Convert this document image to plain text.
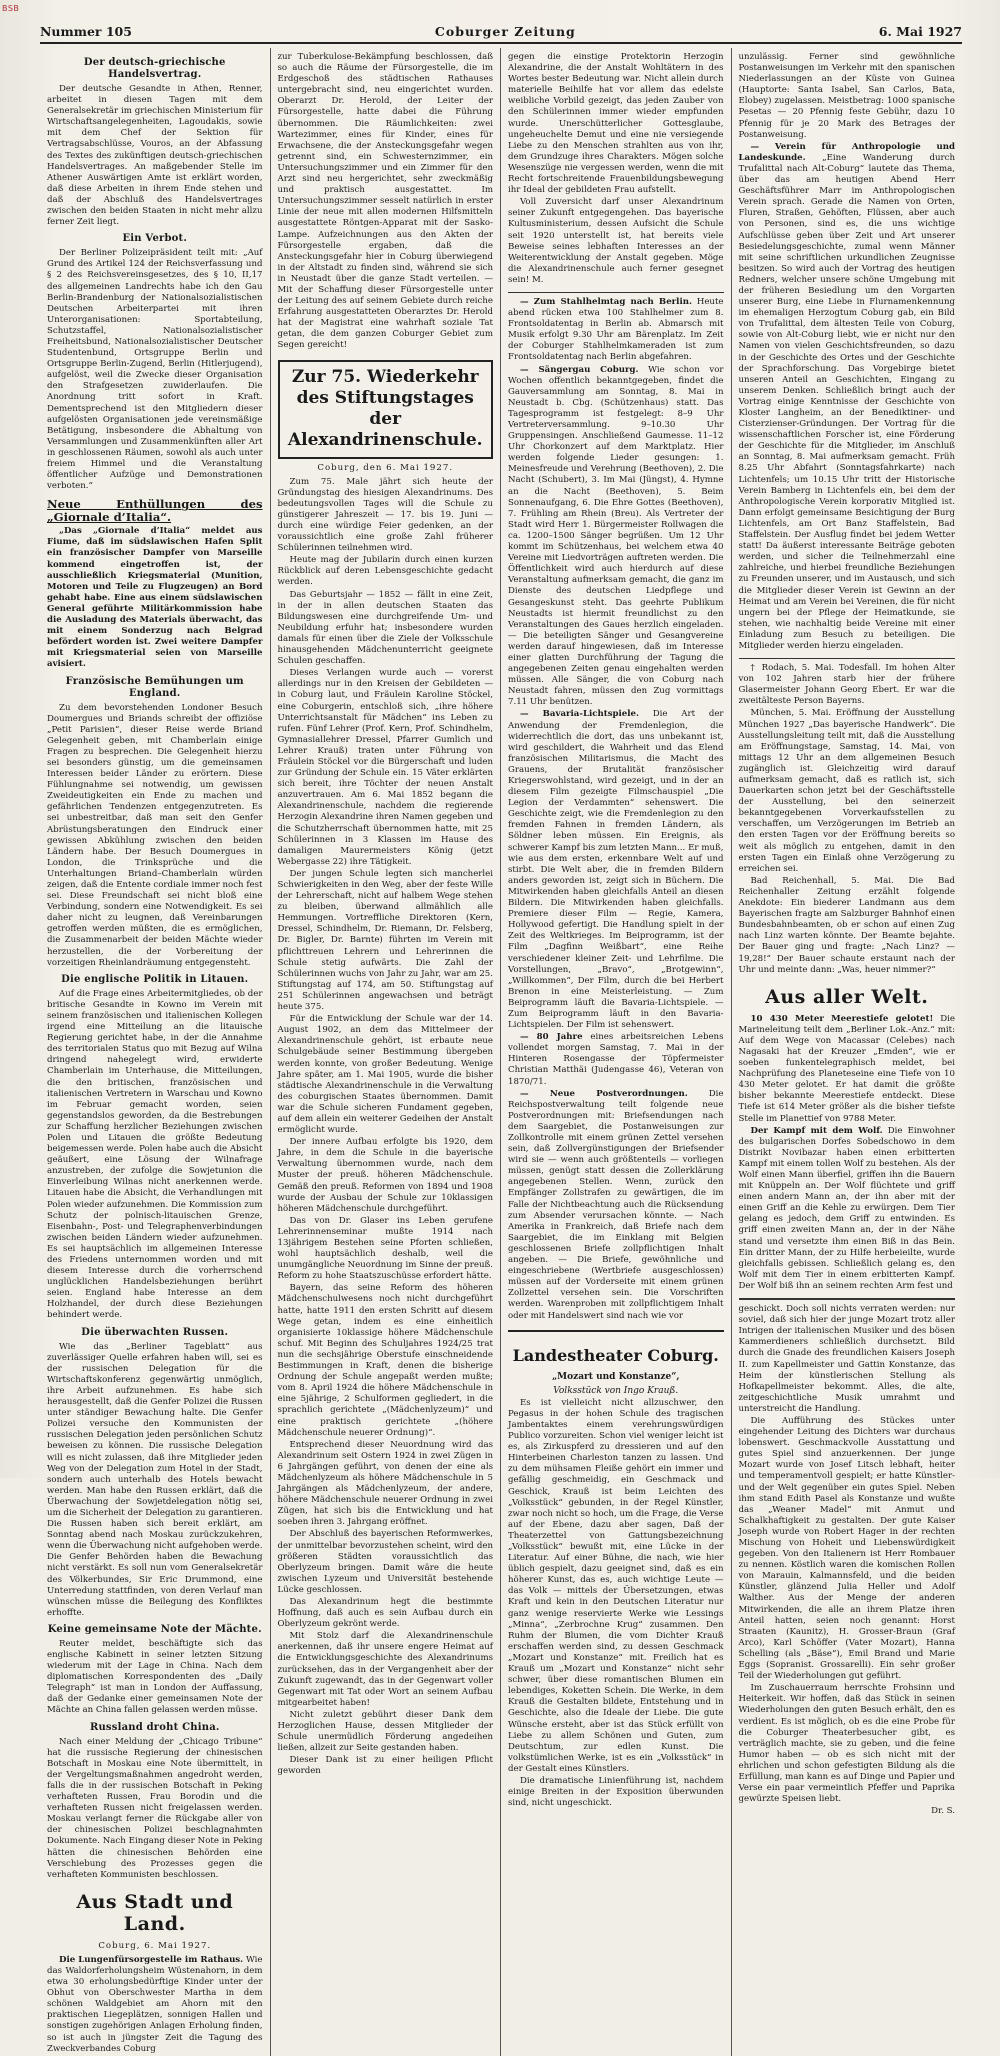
BSB
Nummer 105	Coburger Zeitung	6. Mai 1927
Der deutsch-griechische Handelsvertrag.

Der deutsche Gesandte in Athen, Renner, arbeitet in diesen Tagen mit dem Generalsekretär im griechischen Ministerium für Wirtschaftsangelegenheiten, Lagoudakis, sowie mit dem Chef der Sektion für Vertragsabschlüsse, Vouros, an der Abfassung des Textes des zukünftigen deutsch-griechischen Handelsvertrages. An maßgebender Stelle im Athener Auswärtigen Amte ist erklärt worden, daß diese Arbeiten in ihrem Ende stehen und daß der Abschluß des Handelsvertrages zwischen den beiden Staaten in nicht mehr allzu ferner Zeit liegt.

Ein Verbot.

Der Berliner Polizeipräsident teilt mit: „Auf Grund des Artikel 124 der Reichsverfassung und § 2 des Reichsvereinsgesetzes, des § 10, II,17 des allgemeinen Landrechts habe ich den Gau Berlin-Brandenburg der Nationalsozialistischen Deutschen Arbeiterpartei mit ihren Unterorganisationen: Sportabteilung, Schutzstaffel, Nationalsozialistischer Freiheitsbund, Nationalsozialistischer Deutscher Studentenbund, Ortsgruppe Berlin und Ortsgruppe Berlin-Zugend, Berlin (Hitlerjugend), aufgelöst, weil die Zwecke dieser Organisation den Strafgesetzen zuwiderlaufen. Die Anordnung tritt sofort in Kraft. Dementsprechend ist den Mitgliedern dieser aufgelösten Organisationen jede vereinsmäßige Betätigung, insbesondere die Abhaltung von Versammlungen und Zusammenkünften aller Art in geschlossenen Räumen, sowohl als auch unter freiem Himmel und die Veranstaltung öffentlicher Aufzüge und Demonstrationen verboten.“

Neue Enthüllungen des „Giornale d’Italia“.

„Das „Giornale d’Italia“ meldet aus Fiume, daß im südslawischen Hafen Split ein französischer Dampfer von Marseille kommend eingetroffen ist, der ausschließlich Kriegsmaterial (Munition, Motoren und Teile zu Flugzeugen) an Bord gehabt habe. Eine aus einem südslawischen General geführte Militärkommission habe die Ausladung des Materials überwacht, das mit einem Sonderzug nach Belgrad befördert worden ist. Zwei weitere Dampfer mit Kriegsmaterial seien von Marseille avisiert.

Französische Bemühungen um England.

Zu dem bevorstehenden Londoner Besuch Doumergues und Briands schreibt der offiziöse „Petit Parisien“, dieser Reise werde Briand Gelegenheit geben, mit Chamberlain einige Fragen zu besprechen. Die Gelegenheit hierzu sei besonders günstig, um die gemeinsamen Interessen beider Länder zu erörtern. Diese Fühlungnahme sei notwendig, um gewissen Zweideutigkeiten ein Ende zu machen und gefährlichen Tendenzen entgegenzutreten. Es sei unbestreitbar, daß man seit den Genfer Abrüstungsberatungen den Eindruck einer gewissen Abkühlung zwischen den beiden Ländern habe. Der Besuch Doumergues in London, die Trinksprüche und die Unterhaltungen Briand–Chamberlain würden zeigen, daß die Entente cordiale immer noch fest sei. Diese Freundschaft sei nicht bloß eine Verbindung, sondern eine Notwendigkeit. Es sei daher nicht zu leugnen, daß Vereinbarungen getroffen werden müßten, die es ermöglichen, die Zusammenarbeit der beiden Mächte wieder herzustellen, die der Vorbereitung der vorzeitigen Rheinlandräumung entgegensteht.

Die englische Politik in Litauen.

Auf die Frage eines Arbeitermitgliedes, ob der britische Gesandte in Kowno im Verein mit seinem französischen und italienischen Kollegen irgend eine Mitteilung an die litauische Regierung gerichtet habe, in der die Annahme des territorialen Status quo mit Bezug auf Wilna dringend nahegelegt wird, erwiderte Chamberlain im Unterhause, die Mitteilungen, die den britischen, französischen und italienischen Vertretern in Warschau und Kowno im Februar gemacht worden, seien gegenstandslos geworden, da die Bestrebungen zur Schaffung herzlicher Beziehungen zwischen Polen und Litauen die größte Bedeutung beigemessen werde. Polen habe auch die Absicht geäußert, eine Lösung der Wilnafrage anzustreben, der zufolge die Sowjetunion die Einverleibung Wilnas nicht anerkennen werde. Litauen habe die Absicht, die Verhandlungen mit Polen wieder aufzunehmen. Die Kommission zum Schutz der polnisch-litauischen Grenze, Eisenbahn-, Post- und Telegraphenverbindungen zwischen beiden Ländern wieder aufzunehmen. Es sei hauptsächlich im allgemeinen Interesse des Friedens unternommen worden und mit diesem Interesse durch die vorherrschend unglücklichen Handelsbeziehungen berührt seien. England habe Interesse an dem Holzhandel, der durch diese Beziehungen behindert werde.

Die überwachten Russen.

Wie das „Berliner Tageblatt“ aus zuverlässiger Quelle erfahren haben will, sei es der russischen Delegation für die Wirtschaftskonferenz gegenwärtig unmöglich, ihre Arbeit aufzunehmen. Es habe sich herausgestellt, daß die Genfer Polizei die Russen unter ständiger Bewachung halte. Die Genfer Polizei versuche den Kommunisten der russischen Delegation jeden persönlichen Schutz beweisen zu können. Die russische Delegation will es nicht zulassen, daß ihre Mitglieder jeden Weg von der Delegation zum Hotel in der Stadt, sondern auch unterhalb des Hotels bewacht werden. Man habe den Russen erklärt, daß die Überwachung der Sowjetdelegation nötig sei, um die Sicherheit der Delegation zu garantieren. Die Russen haben sich bereit erklärt, am Sonntag abend nach Moskau zurückzukehren, wenn die Überwachung nicht aufgehoben werde. Die Genfer Behörden haben die Bewachung nicht verstärkt. Es soll nun vom Generalsekretär des Völkerbundes, Sir Eric Drummond, eine Unterredung stattfinden, von deren Verlauf man wünschen müsse die Beilegung des Konfliktes erhoffte.

Keine gemeinsame Note der Mächte.

Reuter meldet, beschäftigte sich das englische Kabinett in seiner letzten Sitzung wiederum mit der Lage in China. Nach dem diplomatischen Korrespondenten des „Daily Telegraph“ ist man in London der Auffassung, daß der Gedanke einer gemeinsamen Note der Mächte an China fallen gelassen werden müsse.

Russland droht China.

Nach einer Meldung der „Chicago Tribune“ hat die russische Regierung der chinesischen Botschaft in Moskau eine Note übermittelt, in der Vergeltungsmaßnahmen angedroht werden, falls die in der russischen Botschaft in Peking verhafteten Russen, Frau Borodin und die verhafteten Russen nicht freigelassen werden. Moskau verlangt ferner die Rückgabe aller von der chinesischen Polizei beschlagnahmten Dokumente. Nach Eingang dieser Note in Peking hätten die chinesischen Behörden eine Verschiebung des Prozesses gegen die verhafteten Kommunisten beschlossen.

Aus Stadt und Land.
Coburg, 6. Mai 1927.

Die Lungenfürsorgestelle im Rathaus. Wie das Waldorferholungsheim Wüstenahorn, in dem etwa 30 erholungsbedürftige Kinder unter der Obhut von Oberschwester Martha in dem schönen Waldgebiet am Ahorn mit den praktischen Liegeplätzen, sonnigen Hallen und sonstigen zugehörigen Anlagen Erholung finden, so ist auch in jüngster Zeit die Tagung des Zweckverbandes Coburg

zur Tuberkulose-Bekämpfung beschlossen, daß so auch die Räume der Fürsorgestelle, die im Erdgeschoß des städtischen Rathauses untergebracht sind, neu eingerichtet wurden. Oberarzt Dr. Herold, der Leiter der Fürsorgestelle, hatte dabei die Führung übernommen. Die Räumlichkeiten: zwei Wartezimmer, eines für Kinder, eines für Erwachsene, die der Ansteckungsgefahr wegen getrennt sind, ein Schwesternzimmer, ein Untersuchungszimmer und ein Zimmer für den Arzt sind neu hergerichtet, sehr zweckmäßig und praktisch ausgestattet. Im Untersuchungszimmer sesselt natürlich in erster Linie der neue mit allen modernen Hilfsmitteln ausgestattete Röntgen-Apparat mit der Sasko-Lampe. Aufzeichnungen aus den Akten der Fürsorgestelle ergaben, daß die Ansteckungsgefahr hier in Coburg überwiegend in der Altstadt zu finden sind, während sie sich in Neustadt über die ganze Stadt verteilen. — Mit der Schaffung dieser Fürsorgestelle unter der Leitung des auf seinem Gebiete durch reiche Erfahrung ausgestatteten Oberarztes Dr. Herold hat der Magistrat eine wahrhaft soziale Tat getan, die dem ganzen Coburger Gebiet zum Segen gereicht!

Zur 75. Wiederkehr des Stiftungstages der Alexandrinenschule.
Coburg, den 6. Mai 1927.

Zum 75. Male jährt sich heute der Gründungstag des hiesigen Alexandrinums. Des bedeutungsvollen Tages will die Schule zu günstigerer Jahreszeit — 17. bis 19. Juni — durch eine würdige Feier gedenken, an der voraussichtlich eine große Zahl früherer Schülerinnen teilnehmen wird.

Heute mag der Jubilarin durch einen kurzen Rückblick auf deren Lebensgeschichte gedacht werden.

Das Geburtsjahr — 1852 — fällt in eine Zeit, in der in allen deutschen Staaten das Bildungswesen eine durchgreifende Um- und Neubildung erfuhr hat; insbesondere wurden damals für einen über die Ziele der Volksschule hinausgehenden Mädchenunterricht geeignete Schulen geschaffen.

Dieses Verlangen wurde auch — vorerst allerdings nur in den Kreisen der Gebildeten — in Coburg laut, und Fräulein Karoline Stöckel, eine Coburgerin, entschloß sich, „ihre höhere Unterrichtsanstalt für Mädchen“ ins Leben zu rufen. Fünf Lehrer (Prof. Kern, Prof. Schindhelm, Gymnasiallehrer Dressel, Pfarrer Gumlich und Lehrer Krauß) traten unter Führung von Fräulein Stöckel vor die Bürgerschaft und luden zur Gründung der Schule ein. 15 Väter erklärten sich bereit, ihre Töchter der neuen Anstalt anzuvertrauen. Am 6. Mai 1852 begann die Alexandrinenschule, nachdem die regierende Herzogin Alexandrine ihren Namen gegeben und die Schutzherrschaft übernommen hatte, mit 25 Schülerinnen in 3 Klassen im Hause des damaligen Maurermeisters König (jetzt Webergasse 22) ihre Tätigkeit.

Der jungen Schule legten sich mancherlei Schwierigkeiten in den Weg, aber der feste Wille der Lehrerschaft, nicht auf halbem Wege stehen zu bleiben, überwand allmählich alle Hemmungen. Vortreffliche Direktoren (Kern, Dressel, Schindhelm, Dr. Riemann, Dr. Felsberg, Dr. Bigler, Dr. Barnte) führten im Verein mit pflichttreuen Lehrern und Lehrerinnen die Schule stetig aufwärts. Die Zahl der Schülerinnen wuchs von Jahr zu Jahr, war am 25. Stiftungstag auf 174, am 50. Stiftungstag auf 251 Schülerinnen angewachsen und beträgt heute 375.

Für die Entwicklung der Schule war der 14. August 1902, an dem das Mittelmeer der Alexandrinenschule gehört, ist erbaute neue Schulgebäude seiner Bestimmung übergeben werden konnte, von großer Bedeutung. Wenige Jahre später, am 1. Mai 1905, wurde die bisher städtische Alexandrinenschule in die Verwaltung des coburgischen Staates übernommen. Damit war die Schule sicheren Fundament gegeben, auf dem allein ein weiterer Gedeihen der Anstalt ermöglicht wurde.

Der innere Aufbau erfolgte bis 1920, dem Jahre, in dem die Schule in die bayerische Verwaltung übernommen wurde, nach dem Muster der preuß. höheren Mädchenschule. Gemäß den preuß. Reformen von 1894 und 1908 wurde der Ausbau der Schule zur 10klassigen höheren Mädchenschule durchgeführt.

Das von Dr. Glaser ins Leben gerufene Lehrerinnenseminar mußte 1914 nach 13jährigem Bestehen seine Pforten schließen, wohl hauptsächlich deshalb, weil die unumgängliche Neuordnung im Sinne der preuß. Reform zu hohe Staatszuschüsse erfordert hätte.

Bayern, das seine Reform des höheren Mädchenschulwesens noch nicht durchgeführt hatte, hatte 1911 den ersten Schritt auf diesem Wege getan, indem es eine einheitlich organisierte 10klassige höhere Mädchenschule schuf. Mit Beginn des Schuljahres 1924/25 trat nun die sechsjährige Oberstufe einschneidende Bestimmungen in Kraft, denen die bisherige Ordnung der Schule angepaßt werden mußte; vom 8. April 1924 die höhere Mädchenschule in eine 5jährige, 2 Schulformen gegliedert, in die sprachlich gerichtete „(Mädchenlyzeum)“ und eine praktisch gerichtete „(höhere Mädchenschule neuerer Ordnung)“.

Entsprechend dieser Neuordnung wird das Alexandrinum seit Ostern 1924 in zwei Zügen in 6 Jahrgängen geführt, von denen der eine als Mädchenlyzeum als höhere Mädchenschule in 5 Jahrgängen als Mädchenlyzeum, der andere, höhere Mädchenschule neuerer Ordnung in zwei Zügen, hat sich bis die Entwicklung und hat soeben ihren 3. Jahrgang eröffnet.

Der Abschluß des bayerischen Reformwerkes, der unmittelbar bevorzustehen scheint, wird den größeren Städten voraussichtlich das Oberlyzeum bringen. Damit wäre die heute zwischen Lyzeum und Universität bestehende Lücke geschlossen.

Das Alexandrinum hegt die bestimmte Hoffnung, daß auch es sein Aufbau durch ein Oberlyzeum gekrönt werde.

Mit Stolz darf die Alexandrinenschule anerkennen, daß ihr unsere engere Heimat auf die Entwicklungsgeschichte des Alexandrinums zurücksehen, das in der Vergangenheit aber der Zukunft zugewandt, das in der Gegenwart voller Gegenwart mit Tat oder Wort an seinem Aufbau mitgearbeitet haben!

Nicht zuletzt gebührt dieser Dank dem Herzoglichen Hause, dessen Mitglieder der Schule unermüdlich Förderung angedeihen ließen, allzeit zur Seite gestanden haben.

Dieser Dank ist zu einer heiligen Pflicht geworden

gegen die einstige Protektorin Herzogin Alexandrine, die der Anstalt Wohltätern in des Wortes bester Bedeutung war. Nicht allein durch materielle Beihilfe hat vor allem das edelste weibliche Vorbild gezeigt, das jeden Zauber von den Schülerinnen immer wieder empfunden wurde. Unerschütterlicher Gottesglaube, ungeheuchelte Demut und eine nie versiegende Liebe zu den Menschen strahlten aus von ihr, dem Grundzuge ihres Charakters. Mögen solche Wesenszüge nie vergessen werden, wenn die mit Recht fortschreitende Frauenbildungsbewegung ihr Ideal der gebildeten Frau aufstellt.

Voll Zuversicht darf unser Alexandrinum seiner Zukunft entgegengehen. Das bayerische Kultusministerium, dessen Aufsicht die Schule seit 1920 unterstellt ist, hat bereits viele Beweise seines lebhaften Interesses an der Weiterentwicklung der Anstalt gegeben. Möge die Alexandrinenschule auch ferner gesegnet sein! M.

— Zum Stahlhelmtag nach Berlin. Heute abend rücken etwa 100 Stahlhelmer zum 8. Frontsoldatentag in Berlin ab. Abmarsch mit Musik erfolgt 9.30 Uhr am Bärenplatz. Im Zeit der Coburger Stahlhelmkameraden ist zum Frontsoldatentag nach Berlin abgefahren.

— Sängergau Coburg. Wie schon vor Wochen offentlich bekanntgegeben, findet die Gauversammlung am Sonntag, 8. Mai in Neustadt b. Cbg. (Schützenhaus) statt. Das Tagesprogramm ist festgelegt: 8–9 Uhr Vertreterversammlung. 9–10.30 Uhr Gruppensingen. Anschließend Gaumesse. 11–12 Uhr Chorkonzert auf dem Marktplatz. Hier werden folgende Lieder gesungen: 1. Meinesfreude und Verehrung (Beethoven), 2. Die Nacht (Schubert), 3. Im Mai (Jüngst), 4. Hymne an die Nacht (Beethoven), 5. Beim Sonnenaufgang, 6. Die Ehre Gottes (Beethoven), 7. Frühling am Rhein (Breu). Als Vertreter der Stadt wird Herr 1. Bürgermeister Rollwagen die ca. 1200–1500 Sänger begrüßen. Um 12 Uhr kommt im Schützenhaus, bei welchem etwa 40 Vereine mit Liedvorträgen auftreten werden. Die Öffentlichkeit wird auch hierdurch auf diese Veranstaltung aufmerksam gemacht, die ganz im Dienste des deutschen Liedpflege und Gesangeskunst steht. Das geehrte Publikum Neustadts ist hiermit freundlichst zu den Veranstaltungen des Gaues herzlich eingeladen. — Die beteiligten Sänger und Gesangvereine werden darauf hingewiesen, daß im Interesse einer glatten Durchführung der Tagung die angegebenen Zeiten genau eingehalten werden müssen. Alle Sänger, die von Coburg nach Neustadt fahren, müssen den Zug vormittags 7.11 Uhr benützen.

— Bavaria-Lichtspiele. Die Art der Anwendung der Fremdenlegion, die widerrechtlich die dort, das uns unbekannt ist, wird geschildert, die Wahrheit und das Elend französischen Militarismus, die Macht des Grauens, der Brutalität französischer Kriegerswohlstand, wird gezeigt, und in der an diesem Film gezeigte Filmschauspiel „Die Legion der Verdammten“ sehenswert. Die Geschichte zeigt, wie die Fremdenlegion zu den fremden Fahnen in fremden Ländern, als Söldner leben müssen. Ein Ereignis, als schwerer Kampf bis zum letzten Mann... Er muß, wie aus dem ersten, erkennbare Welt auf und stirbt. Die Welt aber, die in fremden Bildern anders geworden ist, zeigt sich in Büchern. Die Mitwirkenden haben gleichfalls Anteil an diesen Bildern. Die Mitwirkenden haben gleichfalls. Premiere dieser Film — Regie, Kamera, Hollywood gefertigt. Die Handlung spielt in der Zeit des Weltkrieges. Im Beiprogramm, ist der Film „Dagfinn Weißbart“, eine Reihe verschiedener kleiner Zeit- und Lehrfilme. Die Vorstellungen, „Bravo“, „Brotgewinn“, „Willkommen“, Der Film, durch die bei Herbert Brenon in eine Meisterleistung. — Zum Beiprogramm läuft die Bavaria-Lichtspiele. — Zum Beiprogramm läuft in den Bavaria-Lichtspielen. Der Film ist sehenswert.

— 80 Jahre eines arbeitsreichen Lebens vollendet morgen Samstag, 7. Mai in der Hinteren Rosengasse der Töpfermeister Christian Matthäi (Judengasse 46), Veteran von 1870/71.

— Neue Postverordnungen. Die Reichspostverwaltung teilt folgende neue Postverordnungen mit: Briefsendungen nach dem Saargebiet, die Postanweisungen zur Zollkontrolle mit einem grünen Zettel versehen sein, daß Zollvergünstigungen der Briefsender wird sie — wenn auch größtenteils — vorliegen müssen, genügt statt dessen die Zollerklärung angegebenen Stellen. Wenn, zurück den Empfänger Zollstrafen zu gewärtigen, die im Falle der Nichtbeachtung auch die Rücksendung zum Absender verursachen könnte. — Nach Amerika in Frankreich, daß Briefe nach dem Saargebiet, die im Einklang mit Belgien geschlossenen Briefe zollpflichtigen Inhalt angeben. — Die Briefe, gewöhnliche und eingeschriebene (Wertbriefe ausgeschlossen) müssen auf der Vorderseite mit einem grünen Zollzettel versehen sein. Die Vorschriften werden. Warenproben mit zollpflichtigem Inhalt oder mit Handelswert sind nach wie vor

Landestheater Coburg.
„Mozart und Konstanze“,
Volksstück von Ingo Krauß.

Es ist vielleicht nicht allzuschwer, den Pegasus in der hohen Schule des tragischen Jambentaktes einem verehrungswürdigen Publico vorzureiten. Schon viel weniger leicht ist es, als Zirkuspferd zu dressieren und auf den Hinterbeinen Charleston tanzen zu lassen. Und zu dem mühsamen Fleiße gehört ein immer und gefällig geschmeidig, ein Geschmack und Geschick, Krauß ist beim Leichten des „Volksstück“ gebunden, in der Regel Künstler, zwar noch nicht so hoch, um die Frage, die Verse auf der Ebene, dazu aber sagen, Daß der Theaterzettel von Gattungsbezeichnung „Volksstück“ bewußt mit, eine Lücke in der Literatur. Auf einer Bühne, die nach, wie hier üblich gespielt, dazu geeignet sind, daß es ein höherer Kunst, das es, auch wichtige Leute — das Volk — mittels der Übersetzungen, etwas Kraft und kein in den Deutschen Literatur nur ganz wenige reservierte Werke wie Lessings „Minna“, „Zerbrochne Krug“ zusammen. Den Ruhm der Blumen, die vom Dichter Krauß erschaffen werden sind, zu dessen Geschmack „Mozart und Konstanze“ mit. Freilich hat es Krauß um „Mozart und Konstanze“ nicht sehr schwer, über diese romantischen Blumen ein lebendiges, Koketten Schein. Die Werke, in dem Krauß die Gestalten bildete, Entstehung und in Geschichte, also die Ideale der Liebe. Die gute Wünsche ersteht, aber ist das Stück erfüllt von Liebe zu allem Schönen und Guten, zum Deutschtum, zur edlen Kunst. Die volkstümlichen Werke, ist es ein „Volksstück“ in der Gestalt eines Künstlers.

Die dramatische Linienführung ist, nachdem einige Breiten in der Exposition überwunden sind, nicht ungeschickt.

unzulässig. Ferner sind gewöhnliche Postanweisungen im Verkehr mit den spanischen Niederlassungen an der Küste von Guinea (Hauptorte: Santa Isabel, San Carlos, Bata, Elobey) zugelassen. Meistbetrag: 1000 spanische Pesetas — 20 Pfennig feste Gebühr, dazu 10 Pfennig für je 20 Mark des Betrages der Postanweisung.

— Verein für Anthropologie und Landeskunde. „Eine Wanderung durch Trufalittal nach Alt-Coburg“ lautete das Thema, über das am heutigen Abend Herr Geschäftsführer Marr im Anthropologischen Verein sprach. Gerade die Namen von Orten, Fluren, Straßen, Gehöften, Flüssen, aber auch von Personen, sind es, die uns wichtige Aufschlüsse geben über Zeit und Art unserer Besiedelungsgeschichte, zumal wenn Männer mit seine schriftlichen urkundlichen Zeugnisse besitzen. So wird auch der Vortrag des heutigen Redners, welcher unsere schöne Umgebung mit der früheren Besiedlung um den Vorgarten unserer Burg, eine Liebe in Flurnamenkennung im ehemaligen Herzogtum Coburg gab, ein Bild von Trufalittal, dem ältesten Teile von Coburg, sowie von Alt-Coburg liebt, wie er nicht nur den Namen von vielen Geschichtsfreunden, so dazu in der Geschichte des Ortes und der Geschichte der Sprachforschung. Das Vorgebirge bietet unseren Anteil an Geschichten, Eingang zu unserem Denken. Schließlich bringt auch der Vortrag einige Kenntnisse der Geschichte von Kloster Langheim, an der Benediktiner- und Cisterzienser-Gründungen. Der Vortrag für die wissenschaftlichen Forscher ist, eine Förderung der Geschichte für die Mitglieder, im Anschluß an Sonntag, 8. Mai aufmerksam gemacht. Früh 8.25 Uhr Abfahrt (Sonntagsfahrkarte) nach Lichtenfels; um 10.15 Uhr tritt der Historische Verein Bamberg in Lichtenfels ein, bei dem der Anthropologische Verein korporativ Mitglied ist. Dann erfolgt gemeinsame Besichtigung der Burg Lichtenfels, am Ort Banz Staffelstein, Bad Staffelstein. Der Ausflug findet bei jedem Wetter statt! Da äußerst interessante Beiträge geboten werden, und sicher die Teilnehmerzahl eine zahlreiche, und hierbei freundliche Beziehungen zu Freunden unserer, und im Austausch, und sich die Mitglieder dieser Verein ist Gewinn an der Heimat und am Verein bei Vereinen, die für nicht ungern bei der Pflege der Heimatkunde, sie stehen, wie nachhaltig beide Vereine mit einer Einladung zum Besuch zu beteiligen. Die Mitglieder werden hierzu eingeladen.

† Rodach, 5. Mai. Todesfall. Im hohen Alter von 102 Jahren starb hier der frühere Glasermeister Johann Georg Ebert. Er war die zweitälteste Person Bayerns.

München, 5. Mai. Eröffnung der Ausstellung München 1927 „Das bayerische Handwerk“. Die Ausstellungsleitung teilt mit, daß die Ausstellung am Eröffnungstage, Samstag, 14. Mai, von mittags 12 Uhr an dem allgemeinen Besuch zugänglich ist. Gleichzeitig wird darauf aufmerksam gemacht, daß es ratlich ist, sich Dauerkarten schon jetzt bei der Geschäftsstelle der Ausstellung, bei den seinerzeit bekanntgegebenen Vorverkaufsstellen zu verschaffen, um Verzögerungen im Betrieb an den ersten Tagen vor der Eröffnung bereits so weit als möglich zu entgehen, damit in den ersten Tagen ein Einlaß ohne Verzögerung zu erreichen sei.

Bad Reichenhall, 5. Mai. Die Bad Reichenhaller Zeitung erzählt folgende Anekdote: Ein biederer Landmann aus dem Bayerischen fragte am Salzburger Bahnhof einen Bundesbahnbeamten, ob er schon auf einen Zug nach Linz warten könnte. Der Beamte bejahte. Der Bauer ging und fragte: „Nach Linz? — 19,28!“ Der Bauer schaute erstaunt nach der Uhr und meinte dann: „Was, heuer nimmer?“

Aus aller Welt.

10 430 Meter Meerestiefe gelotet! Die Marineleitung teilt dem „Berliner Lok.-Anz.“ mit: Auf dem Wege von Macassar (Celebes) nach Nagasaki hat der Kreuzer „Emden“, wie er soeben funkentelegraphisch meldet, bei Nachprüfung des Planeteseine eine Tiefe von 10 430 Meter gelotet. Er hat damit die größte bisher bekannte Meerestiefe entdeckt. Diese Tiefe ist 614 Meter größer als die bisher tiefste Stelle im Planettief von 9788 Meter.

Der Kampf mit dem Wolf. Die Einwohner des bulgarischen Dorfes Sobedschowo in dem Distrikt Novibazar haben einen erbitterten Kampf mit einem tollen Wolf zu bestehen. Als der Wolf einen Mann überfiel, griffen ihn die Bauern mit Knüppeln an. Der Wolf flüchtete und griff einen andern Mann an, der ihn aber mit der einen Griff an die Kehle zu erwürgen. Dem Tier gelang es jedoch, dem Griff zu entwinden. Es griff einen zweiten Mann an, der in der Nähe stand und versetzte ihm einen Biß in das Bein. Ein dritter Mann, der zu Hilfe herbeieilte, wurde gleichfalls gebissen. Schließlich gelang es, den Wolf mit dem Tier in einem erbitterten Kampf. Der Wolf biß ihn an seinem rechten Arm fest und

geschickt. Doch soll nichts verraten werden: nur soviel, daß sich hier der junge Mozart trotz aller Intrigen der italienischen Musiker und des bösen Kammerdieners schließlich durchsetzt. Bild durch die Gnade des freundlichen Kaisers Joseph II. zum Kapellmeister und Gattin Konstanze, das Heim der künstlerischen Stellung als Hofkapellmeister bekommt. Alles, die alte, zeitgeschichtliche Musik umrahmt und unterstreicht die Handlung.

Die Aufführung des Stückes unter eingehender Leitung des Dichters war durchaus lobenswert. Geschmackvolle Ausstattung und gutes Spiel sind anzuerkennen. Der junge Mozart wurde von Josef Litsch lebhaft, heiter und temperamentvoll gespielt; er hatte Künstler- und der Welt gegenüber ein gutes Spiel. Neben ihm stand Edith Pasel als Konstanze und wußte das „Weaner Madel“ mit Anmut und Schalkhaftigkeit zu gestalten. Der gute Kaiser Joseph wurde von Robert Hager in der rechten Mischung von Hoheit und Liebenswürdigkeit gegeben. Von den Italienern ist Herr Rombauer zu nennen. Köstlich waren die komischen Rollen von Marauin, Kalmannsfeld, und die beiden Künstler, glänzend Julia Heller und Adolf Walther. Aus der Menge der anderen Mitwirkenden, die alle an ihrem Platze ihren Anteil hatten, seien noch genannt: Horst Straaten (Kaunitz), H. Grosser-Braun (Graf Arco), Karl Schöffer (Vater Mozart), Hanna Schelling (als „Bäse“), Emil Brand und Marie Eggs (Sopranist. Grossarelli). Ein sehr großer Teil der Wiederholungen gut geführt.

Im Zuschauerraum herrschte Frohsinn und Heiterkeit. Wir hoffen, daß das Stück in seinen Wiederholungen den guten Besuch erhält, den es verdient. Es ist möglich, ob es die eine Probe für die Coburger Theaterbesucher gibt, es verträglich machte, sie zu geben, und die feine Humor haben — ob es sich nicht mit der ehrlichen und schon gefestigten Bildung als die Erfüllung, man kann es auf Dinge und Papier und Verse ein paar vermeintlich Pfeffer und Paprika gewürzte Speisen liebt.

Dr. S.
